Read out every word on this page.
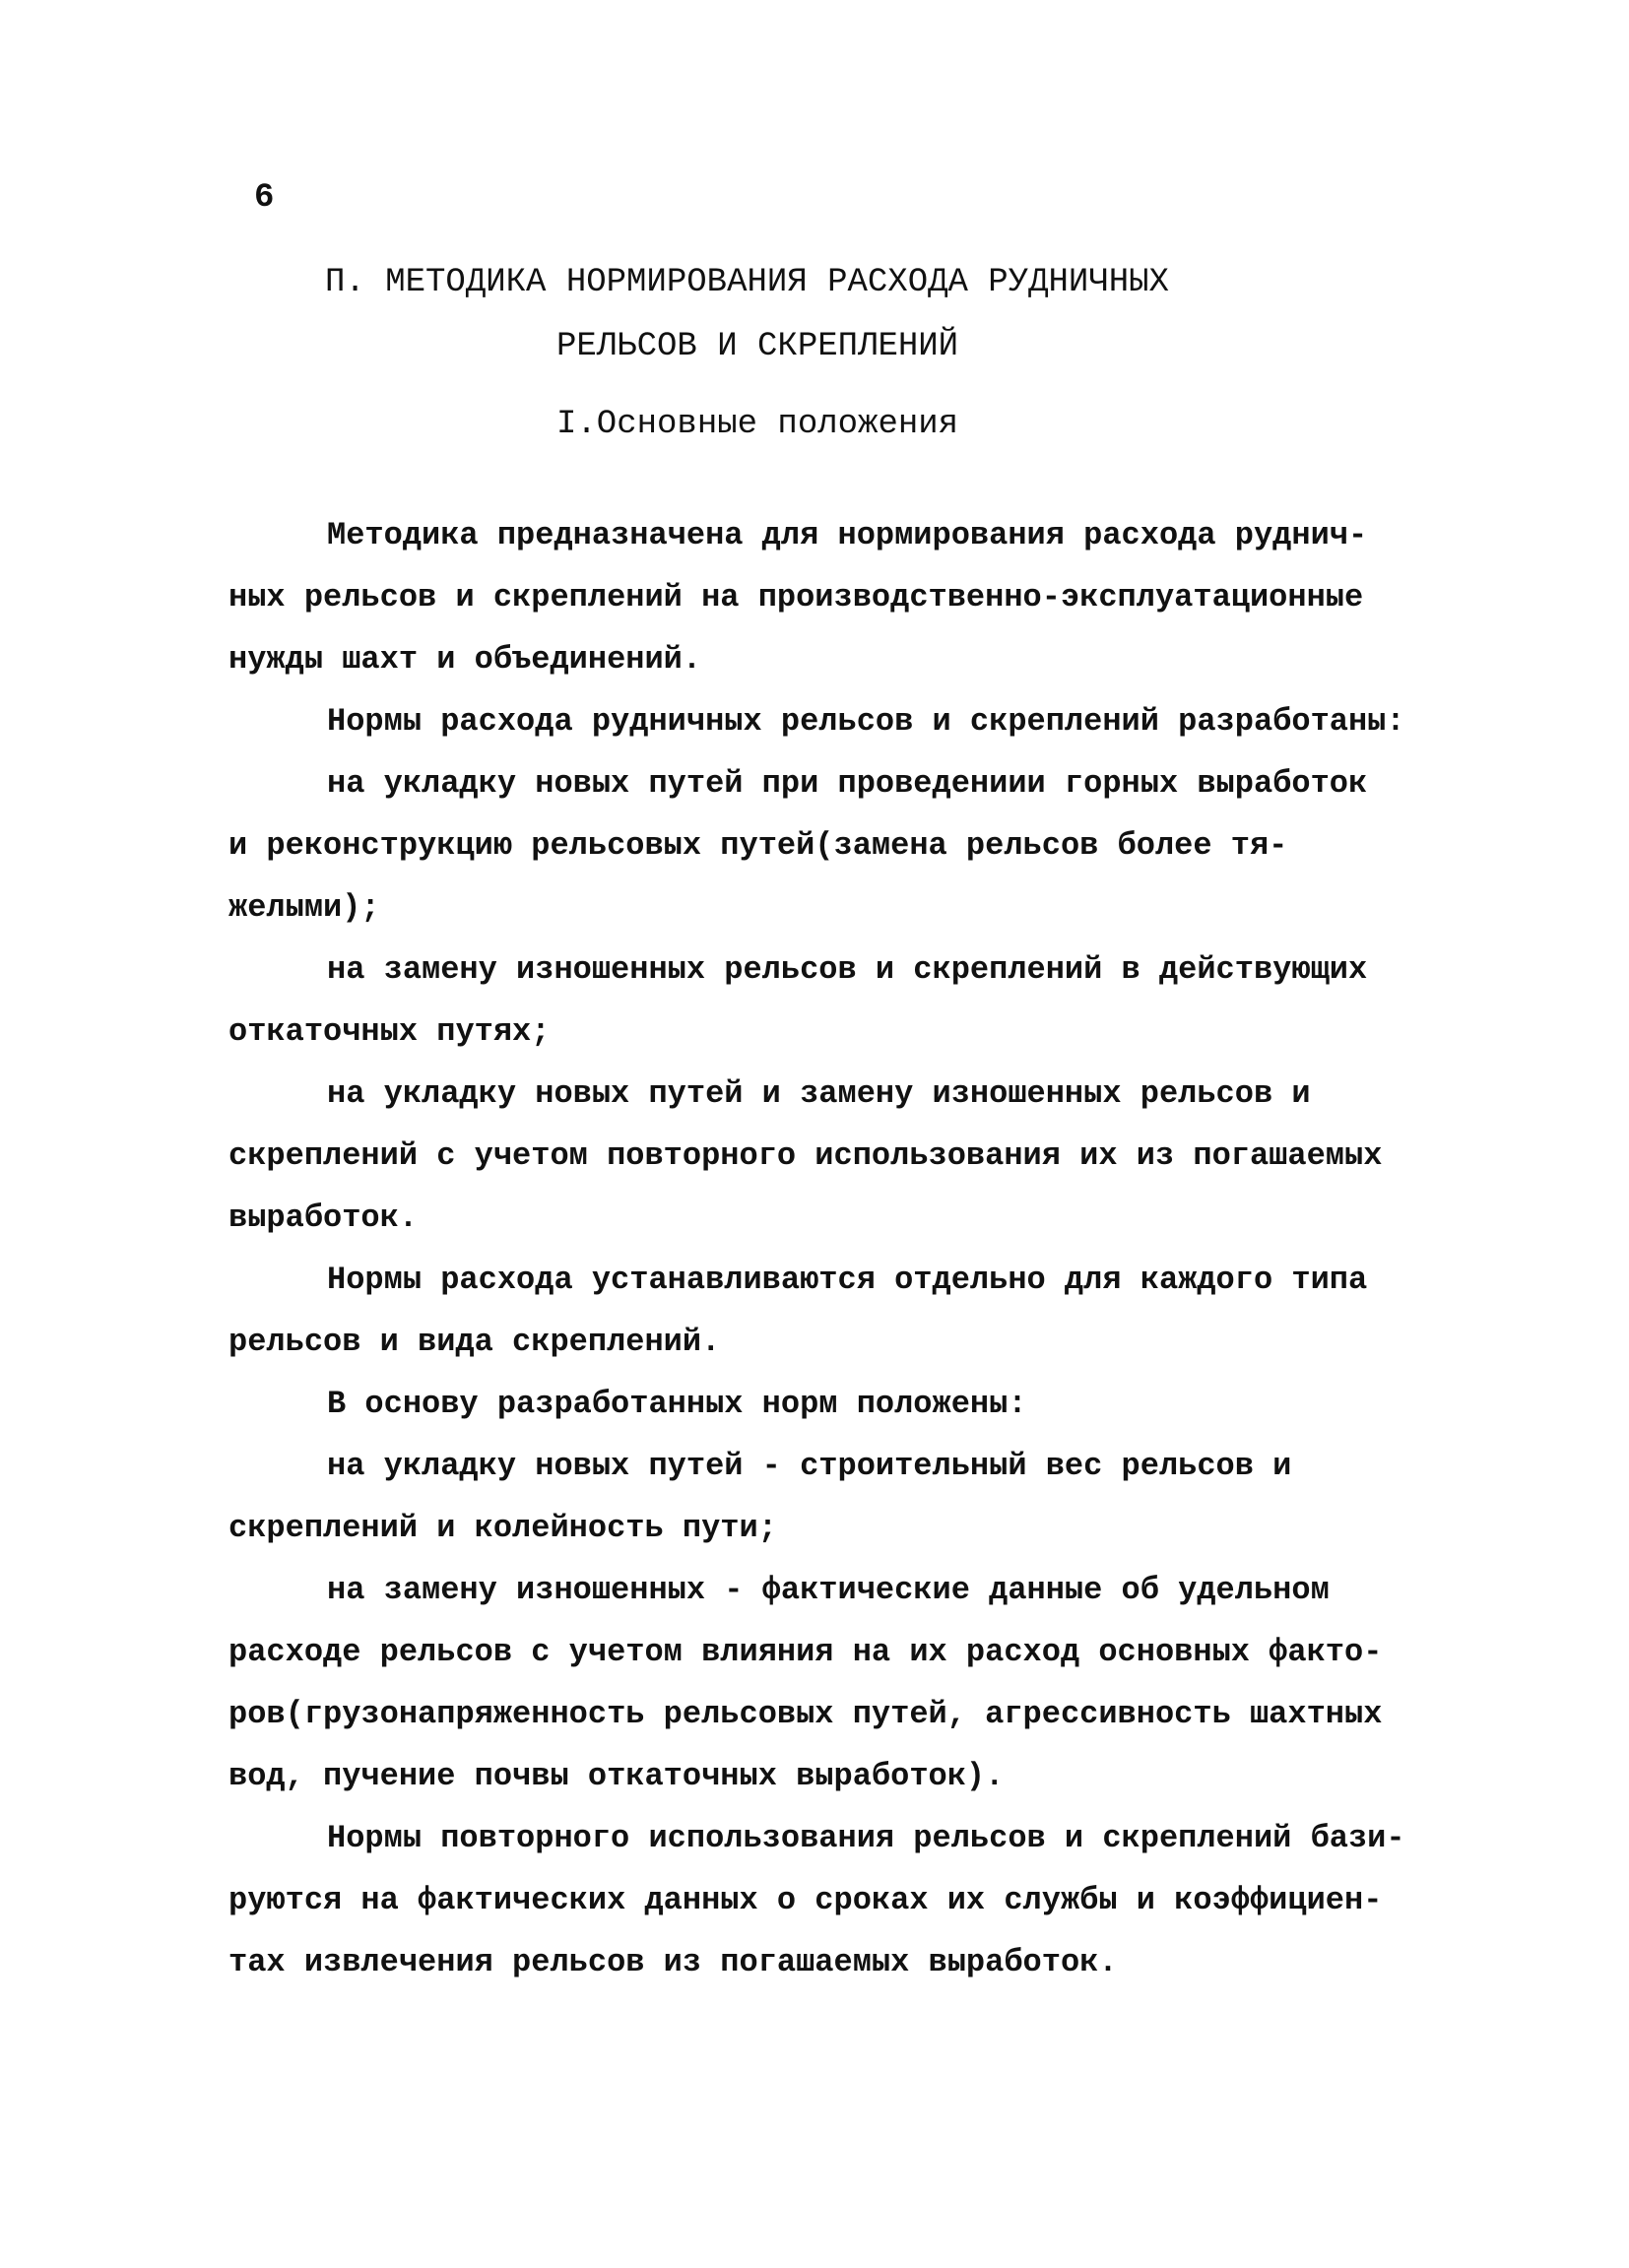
6
П. МЕТОДИКА НОРМИРОВАНИЯ РАСХОДА РУДНИЧНЫХ
РЕЛЬСОВ И СКРЕПЛЕНИЙ
I.Основные положения
Методика предназначена для нормирования расхода руднич-
ных рельсов и скреплений на производственно-эксплуатационные
нужды шахт и объединений.
Нормы расхода рудничных рельсов и скреплений разработаны:
на укладку новых путей при проведениии горных выработок
и реконструкцию рельсовых путей(замена рельсов более тя-
желыми);
на замену изношенных рельсов и скреплений в действующих
откаточных путях;
на укладку новых путей и замену изношенных рельсов и
скреплений с учетом повторного использования их из погашаемых
выработок.
Нормы расхода устанавливаются отдельно для каждого типа
рельсов и вида скреплений.
В основу разработанных норм положены:
на укладку новых путей - строительный вес рельсов и
скреплений и колейность пути;
на замену изношенных - фактические данные об удельном
расходе рельсов с учетом влияния на их расход основных факто-
ров(грузонапряженность рельсовых путей, агрессивность шахтных
вод, пучение почвы откаточных выработок).
Нормы повторного использования рельсов и скреплений бази-
руются на фактических данных о сроках их службы и коэффициен-
тах извлечения рельсов из погашаемых выработок.
